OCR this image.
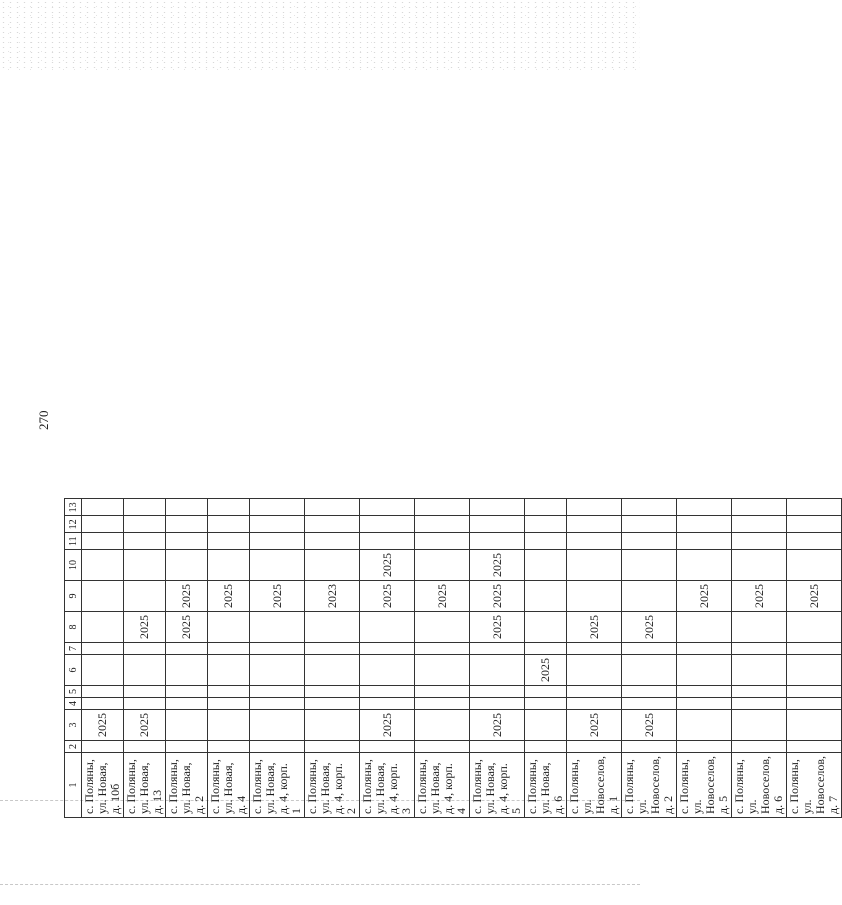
270
1	2	3	4	5	6	7	8	9	10	11	12	13
с. Поляны, ул. Новая, д. 10б		2025										
с. Поляны, ул. Новая, д. 13		2025					2025					
с. Поляны, ул. Новая, д. 2							2025	2025				
с. Поляны, ул. Новая, д. 4								2025				
с. Поляны, ул. Новая, д. 4, корп. 1								2025				
с. Поляны, ул. Новая, д. 4, корп. 2								2023				
с. Поляны, ул. Новая, д. 4, корп. 3		2025						2025	2025			
с. Поляны, ул. Новая, д. 4, корп. 4								2025				
с. Поляны, ул. Новая, д. 4, корп. 5		2025					2025	2025	2025			
с. Поляны, ул. Новая, д. 6					2025							
с. Поляны, ул. Новоселов, д. 1		2025					2025					
с. Поляны, ул. Новоселов, д. 2		2025					2025					
с. Поляны, ул. Новоселов, д. 5								2025				
с. Поляны, ул. Новоселов, д. 6								2025				
с. Поляны, ул. Новоселов, д. 7								2025				
